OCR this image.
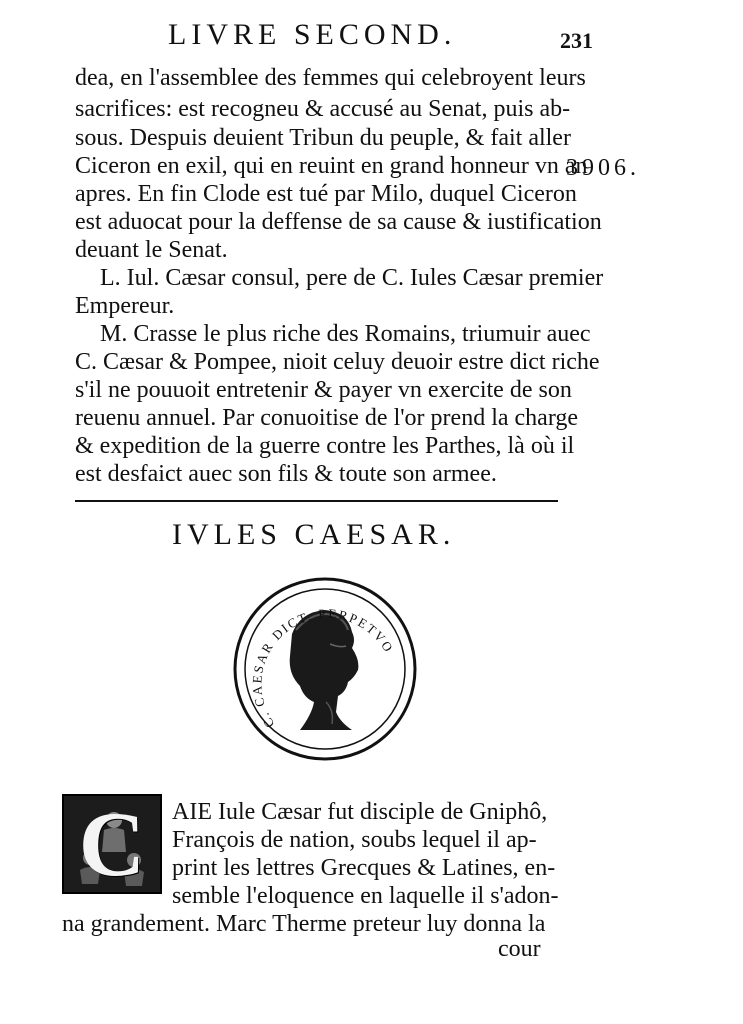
LIVRE SECOND.	231
dea, en l'assemblee des femmes qui celebroyent leurs
sacrifices: est recogneu & accusé au Senat, puis ab-
sous. Despuis deuient Tribun du peuple, & fait aller
Ciceron en exil, qui en reuint en grand honneur vn an
apres. En fin Clode est tué par Milo, duquel Ciceron
est aduocat pour la deffense de sa cause & iustification
deuant le Senat.
L. Iul. Cæsar consul, pere de C. Iules Cæsar premier
Empereur.
M. Crasse le plus riche des Romains, triumuir auec
C. Cæsar & Pompee, nioit celuy deuoir estre dict riche
s'il ne pouuoit entretenir & payer vn exercite de son
reuenu annuel. Par conuoitise de l'or prend la charge
& expedition de la guerre contre les Parthes, là où il
est desfaict auec son fils & toute son armee.
3906.
IVLES CAESAR.
C. CAESAR DICT. PERPETVO
C	AIE Iule Cæsar fut disciple de Gniphô,
François de nation, soubs lequel il ap-
print les lettres Grecques & Latines, en-
semble l'eloquence en laquelle il s'adon-
na grandement. Marc Therme preteur luy donna la
cour
